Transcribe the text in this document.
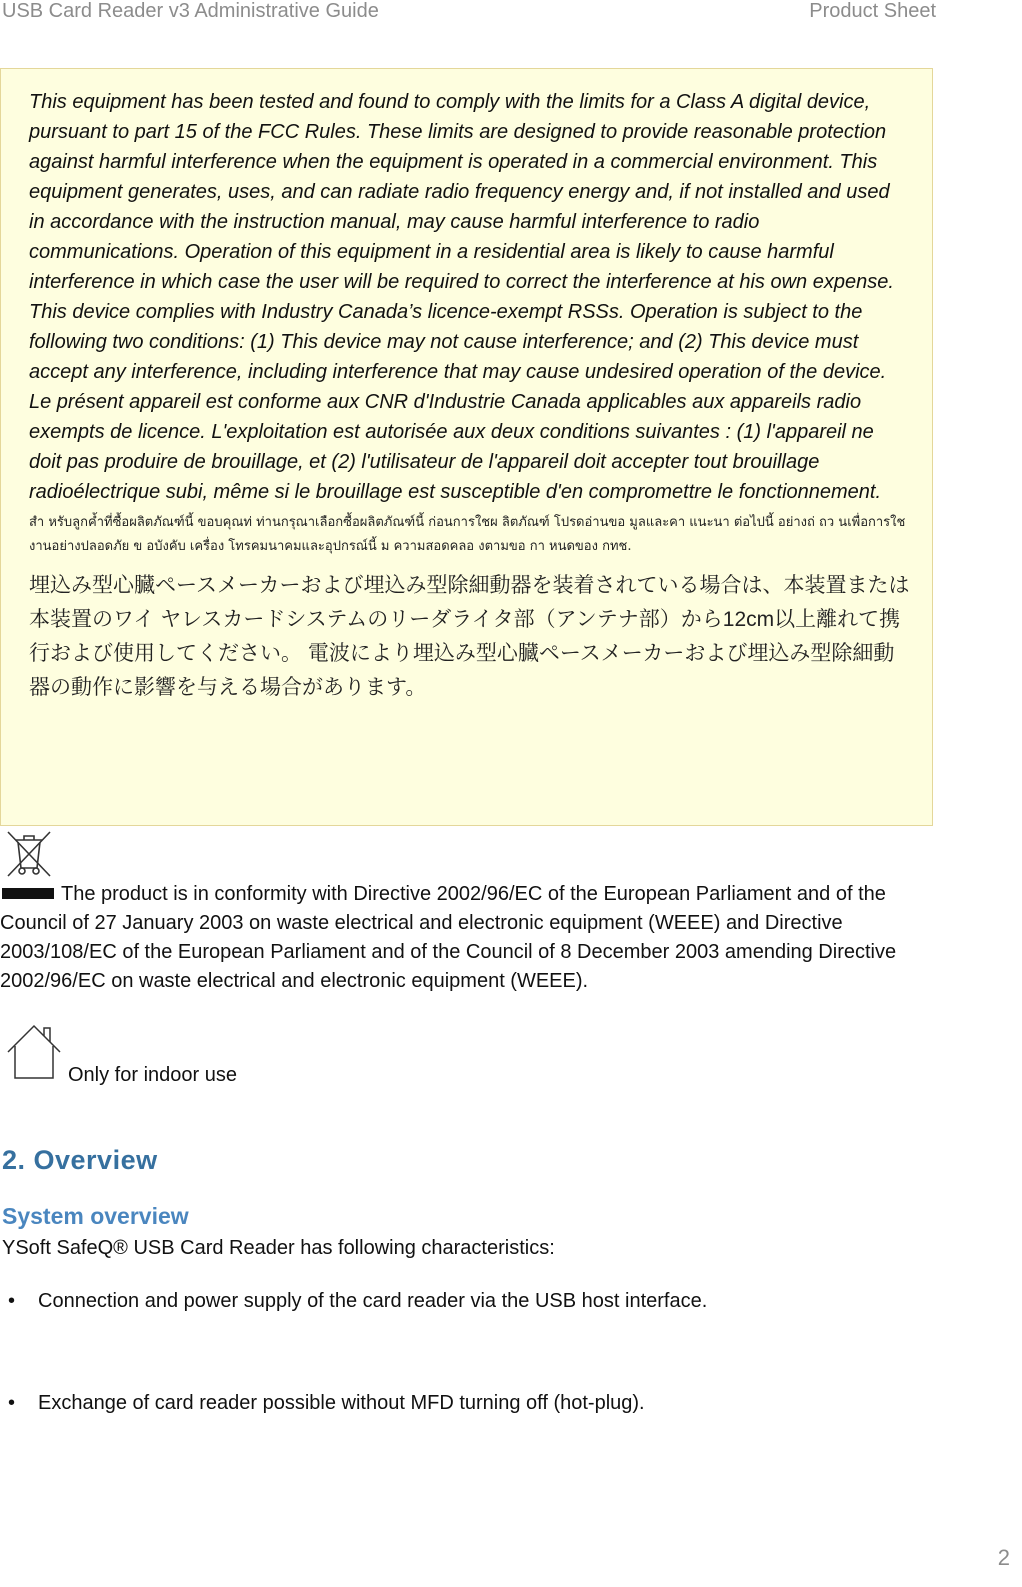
USB Card Reader v3 Administrative Guide	Product Sheet

This equipment has been tested and found to comply with the limits for a Class A digital device, pursuant to part 15 of the FCC Rules. These limits are designed to provide reasonable protection against harmful interference when the equipment is operated in a commercial environment. This equipment generates, uses, and can radiate radio frequency energy and, if not installed and used in accordance with the instruction manual, may cause harmful interference to radio communications. Operation of this equipment in a residential area is likely to cause harmful interference in which case the user will be required to correct the interference at his own expense.

This device complies with Industry Canada’s licence-exempt RSSs. Operation is subject to the following two conditions: (1) This device may not cause interference; and (2) This device must accept any interference, including interference that may cause undesired operation of the device.

Le présent appareil est conforme aux CNR d'Industrie Canada applicables aux appareils radio exempts de licence. L'exploitation est autorisée aux deux conditions suivantes : (1) l'appareil ne doit pas produire de brouillage, et (2) l'utilisateur de l'appareil doit accepter tout brouillage radioélectrique subi, même si le brouillage est susceptible d'en compromettre le fonctionnement.

สำ หรับลูกค้ำที่ซื้อผลิตภัณฑ์นี้ ขอบคุณท่ ท่านกรุณาเลือกซื้อผลิตภัณฑ์นี้ ก่อนการใชผ ลิตภัณฑ์ โปรดอ่านขอ มูลและคา แนะนา ต่อไปนี้ อย่างถ่ ถว นเพื่อการใชงานอย่างปลอดภัย ข อบังคับ เครื่อง โทรคมนาคมและอุปกรณ์นี้ ม ความสอดคลอ งตามขอ กา หนดของ กทช.

埋込み型心臓ペースメーカーおよび埋込み型除細動器を装着されている場合は、本装置または本装置のワイ ヤレスカードシステムのリーダライタ部（アンテナ部）から12cm以上離れて携行および使用してください。 電波により埋込み型心臓ペースメーカーおよび埋込み型除細動器の動作に影響を与える場合があります。

The product is in conformity with Directive 2002/96/EC of the European Parliament and of the Council of 27 January 2003 on waste electrical and electronic equipment (WEEE) and Directive 2003/108/EC of the European Parliament and of the Council of 8 December 2003 amending Directive 2002/96/EC on waste electrical and electronic equipment (WEEE).

Only for indoor use
2. Overview
System overview

YSoft SafeQ® USB Card Reader has following characteristics:

• Connection and power supply of the card reader via the USB host interface.
• Exchange of card reader possible without MFD turning off (hot-plug).
2
